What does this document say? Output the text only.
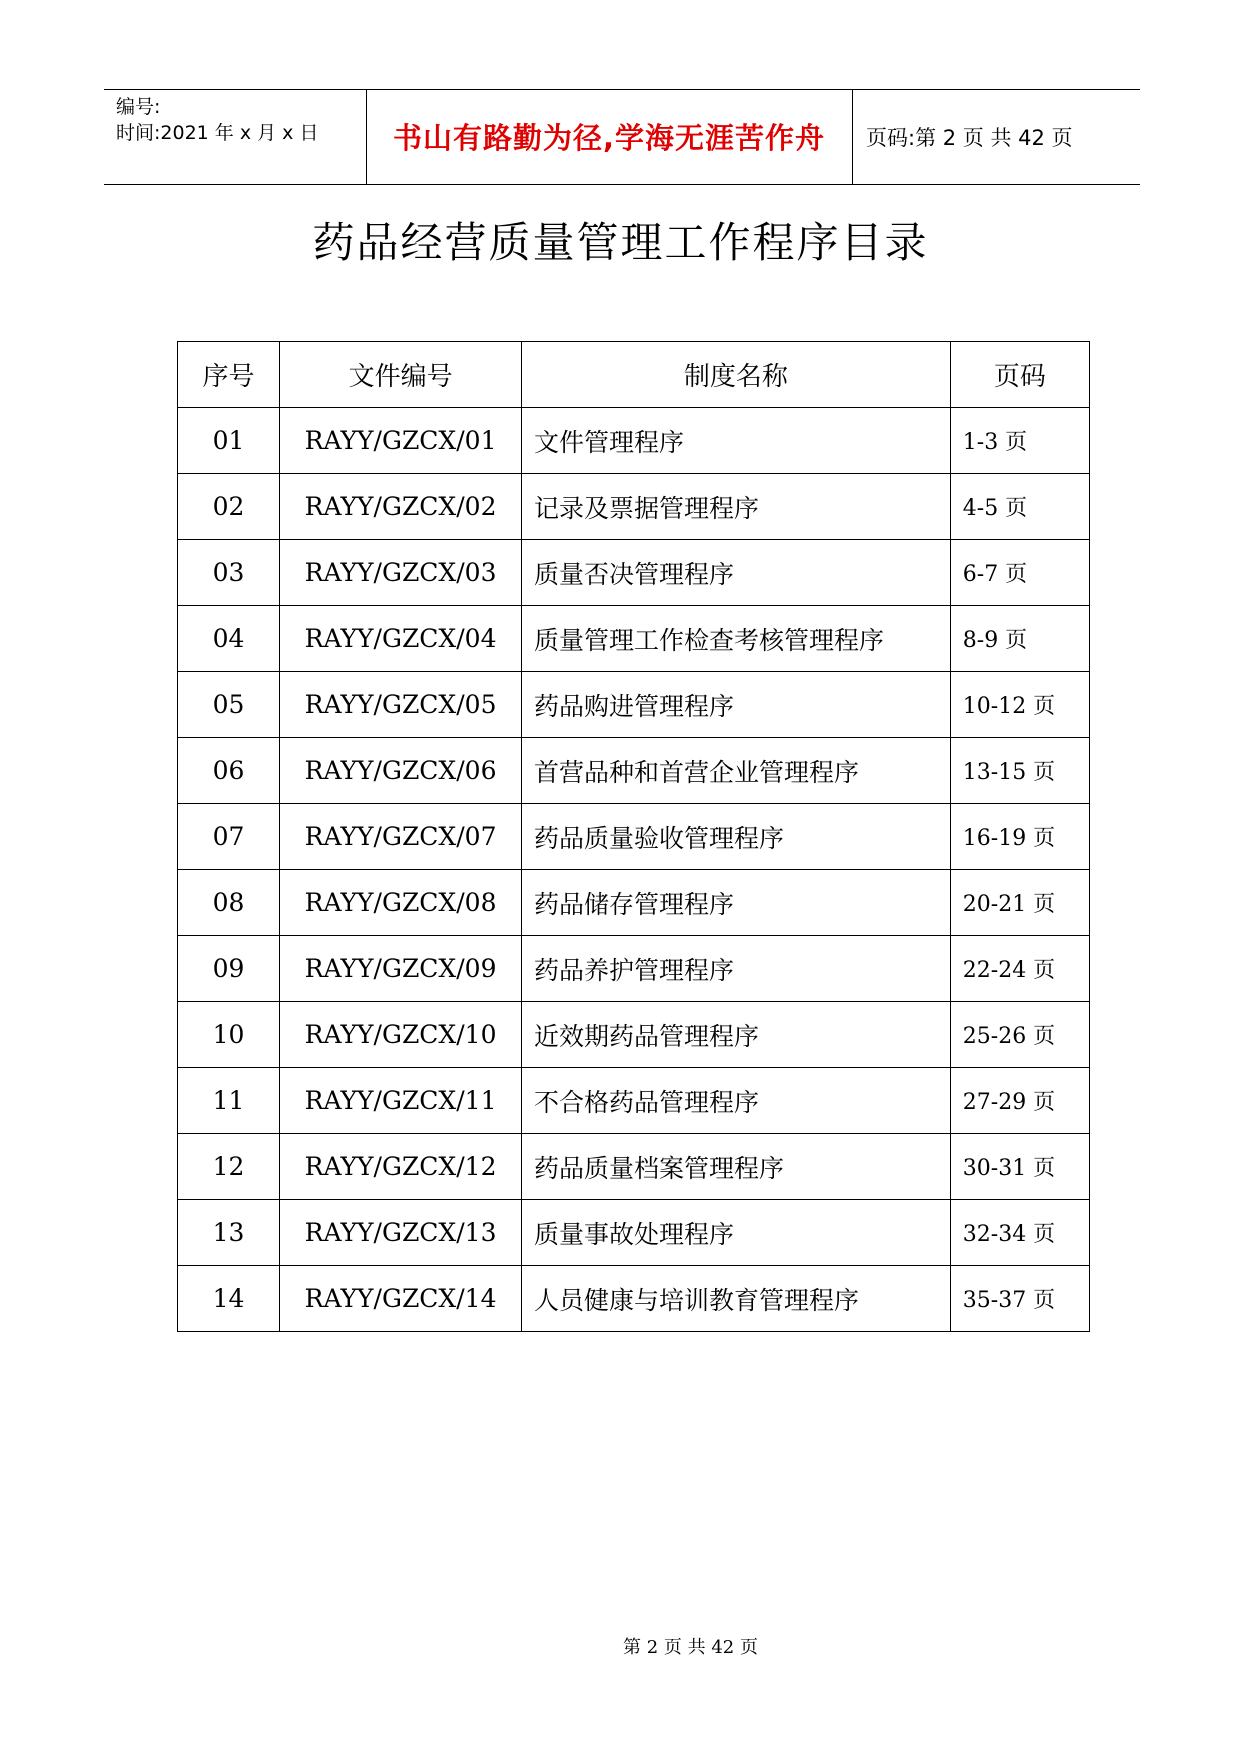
编号:
时间:2021 年 x 月 x 日	书山有路勤为径,学海无涯苦作舟	页码:第 2 页 共 42 页
药品经营质量管理工作程序目录
序号	文件编号	制度名称	页码
01	RAYY/GZCX/01	文件管理程序	1-3 页
02	RAYY/GZCX/02	记录及票据管理程序	4-5 页
03	RAYY/GZCX/03	质量否决管理程序	6-7 页
04	RAYY/GZCX/04	质量管理工作检查考核管理程序	8-9 页
05	RAYY/GZCX/05	药品购进管理程序	10-12 页
06	RAYY/GZCX/06	首营品种和首营企业管理程序	13-15 页
07	RAYY/GZCX/07	药品质量验收管理程序	16-19 页
08	RAYY/GZCX/08	药品储存管理程序	20-21 页
09	RAYY/GZCX/09	药品养护管理程序	22-24 页
10	RAYY/GZCX/10	近效期药品管理程序	25-26 页
11	RAYY/GZCX/11	不合格药品管理程序	27-29 页
12	RAYY/GZCX/12	药品质量档案管理程序	30-31 页
13	RAYY/GZCX/13	质量事故处理程序	32-34 页
14	RAYY/GZCX/14	人员健康与培训教育管理程序	35-37 页
第 2 页 共 42 页
